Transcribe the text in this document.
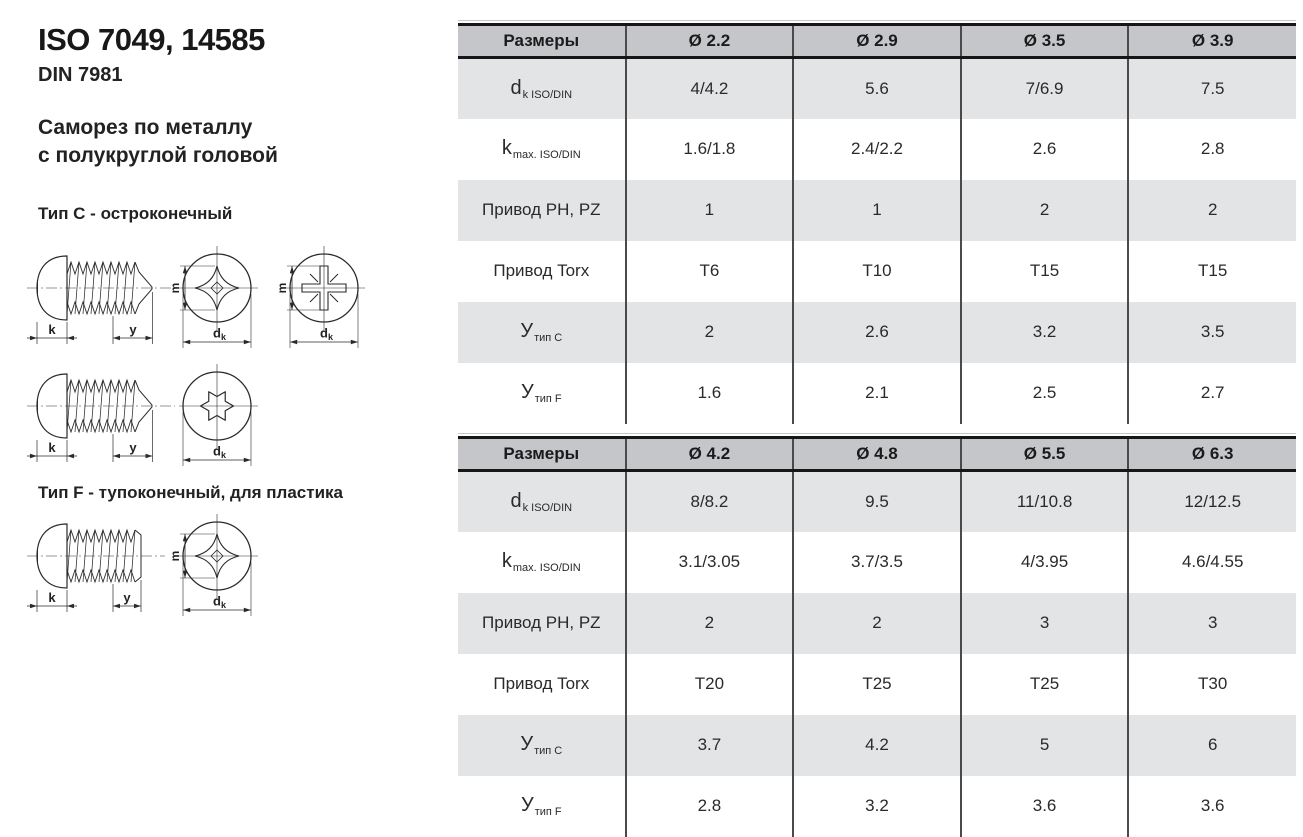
ISO 7049, 14585
DIN 7981
Саморез по металлу
с полукруглой головой
Тип C - остроконечный
Тип F - тупоконечный, для пластика
Размеры	Ø 2.2	Ø 2.9	Ø 3.5	Ø 3.9
$d_{k ISO/DIN}$	4/4.2	5.6	7/6.9	7.5
$k_{max. ISO/DIN}$	1.6/1.8	2.4/2.2	2.6	2.8
Привод PH, PZ	1	1	2	2
Привод Torx	T6	T10	T15	T15
$У_{тип C}$	2	2.6	3.2	3.5
$У_{тип F}$	1.6	2.1	2.5	2.7
Размеры	Ø 4.2	Ø 4.8	Ø 5.5	Ø 6.3
$d_{k ISO/DIN}$	8/8.2	9.5	11/10.8	12/12.5
$k_{max. ISO/DIN}$	3.1/3.05	3.7/3.5	4/3.95	4.6/4.55
Привод PH, PZ	2	2	3	3
Привод Torx	T20	T25	T25	T30
$У_{тип C}$	3.7	4.2	5	6
$У_{тип F}$	2.8	3.2	3.6	3.6
